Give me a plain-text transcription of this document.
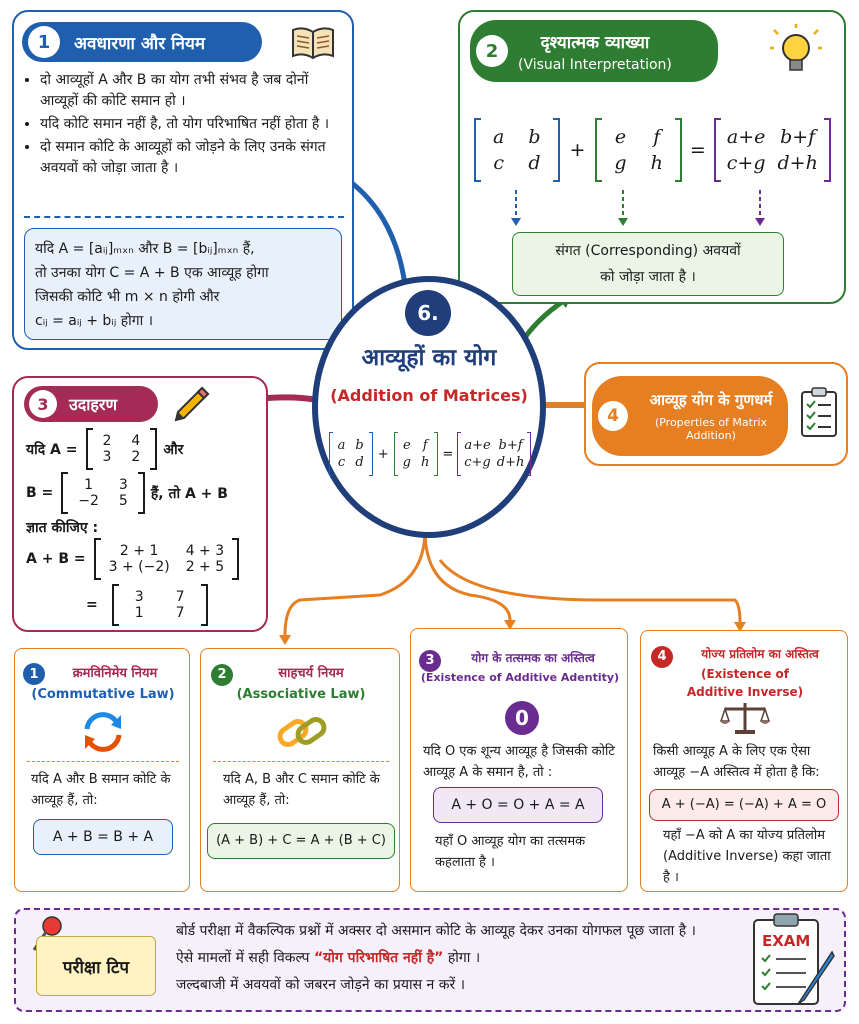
1	अवधारणा और नियम
• दो आव्यूहों A और B का योग तभी संभव है जब दोनों आव्यूहों की कोटि समान हो ।
• यदि कोटि समान नहीं है, तो योग परिभाषित नहीं होता है ।
• दो समान कोटि के आव्यूहों को जोड़ने के लिए उनके संगत अवयवों को जोड़ा जाता है ।
यदि A = [aᵢⱼ]ₘₓₙ और B = [bᵢⱼ]ₘₓₙ हैं,
तो उनका योग C = A + B एक आव्यूह होगा
जिसकी कोटि भी m × n होगी और
cᵢⱼ = aᵢⱼ + bᵢⱼ होगा ।
2	दृश्यात्मक व्याख्या
(Visual Interpretation)
a	b
c	d
+
e	f
g	h
=
a+e	b+f
c+g	d+h
संगत (Corresponding) अवयवों
को जोड़ा जाता है ।
6.
आव्यूहों का योग
(Addition of Matrices)
a	b
c	d
+
e	f
g	h
=
a+e	b+f
c+g	d+h
3	उदाहरण
यदि A =
2	4
3	2 और
B = 1	3
−2	5 हैं, तो A + B
ज्ञात कीजिए :
A + B = 2 + 1	4 + 3
3 + (−2)	2 + 5
=	3	7
1	7
4
आव्यूह योग के गुणधर्म
(Properties of Matrix Addition)
1	क्रमविनिमेय नियम
(Commutative Law)
यदि A और B समान कोटि के आव्यूह हैं, तो:
A + B = B + A
2	साहचर्य नियम
(Associative Law)
यदि A, B और C समान कोटि के आव्यूह हैं, तो:
(A + B) + C = A + (B + C)
3	योग के तत्समक का अस्तित्व
(Existence of Additive Adentity)
0
यदि O एक शून्य आव्यूह है जिसकी कोटि आव्यूह A के समान है, तो :
A + O = O + A = A
यहाँ O आव्यूह योग का तत्समक कहलाता है ।
4	योज्य प्रतिलोम का अस्तित्व
(Existence of
Additive Inverse)
किसी आव्यूह A के लिए एक ऐसा आव्यूह −A अस्तित्व में होता है कि:
A + (−A) = (−A) + A = O
यहाँ −A को A का योज्य प्रतिलोम (Additive Inverse) कहा जाता है ।
परीक्षा टिप
बोर्ड परीक्षा में वैकल्पिक प्रश्नों में अक्सर दो असमान कोटि के आव्यूह देकर उनका योगफल पूछ जाता है ।
ऐसे मामलों में सही विकल्प “योग परिभाषित नहीं है” होगा ।
जल्दबाजी में अवयवों को जबरन जोड़ने का प्रयास न करें ।
EXAM
